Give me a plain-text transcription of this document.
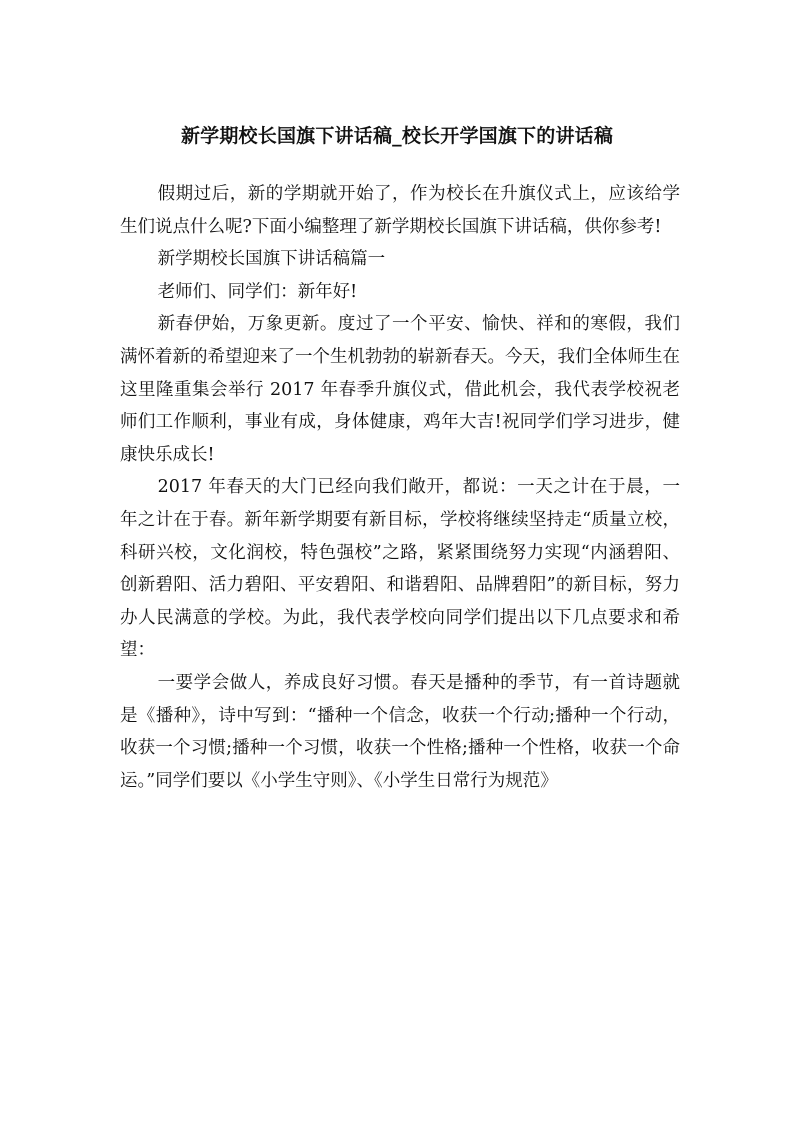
新学期校长国旗下讲话稿_校长开学国旗下的讲话稿

假期过后，新的学期就开始了，作为校长在升旗仪式上，应该给学生们说点什么呢?下面小编整理了新学期校长国旗下讲话稿，供你参考!

新学期校长国旗下讲话稿篇一

老师们、同学们：新年好!

新春伊始，万象更新。度过了一个平安、愉快、祥和的寒假，我们满怀着新的希望迎来了一个生机勃勃的崭新春天。今天，我们全体师生在这里隆重集会举行 2017 年春季升旗仪式，借此机会，我代表学校祝老师们工作顺利，事业有成，身体健康，鸡年大吉!祝同学们学习进步，健康快乐成长!

2017 年春天的大门已经向我们敞开，都说：一天之计在于晨，一年之计在于春。新年新学期要有新目标，学校将继续坚持走“质量立校，科研兴校，文化润校，特色强校”之路，紧紧围绕努力实现“内涵碧阳、创新碧阳、活力碧阳、平安碧阳、和谐碧阳、品牌碧阳”的新目标，努力办人民满意的学校。为此，我代表学校向同学们提出以下几点要求和希望：

一要学会做人，养成良好习惯。春天是播种的季节，有一首诗题就是《播种》，诗中写到：“播种一个信念，收获一个行动;播种一个行动，收获一个习惯;播种一个习惯，收获一个性格;播种一个性格，收获一个命运。”同学们要以《小学生守则》、《小学生日常行为规范》
